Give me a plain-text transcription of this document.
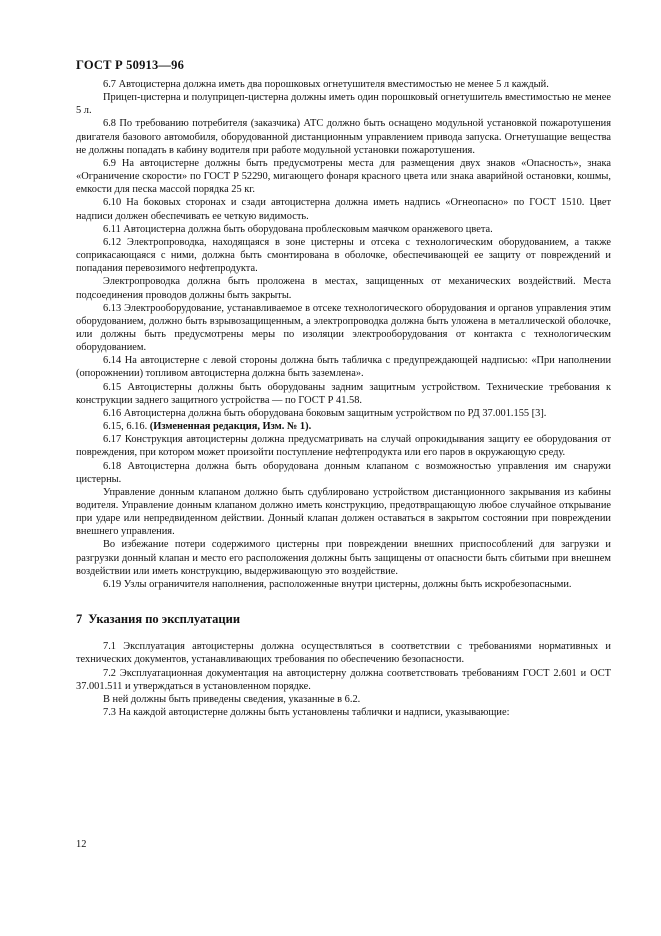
ГОСТ Р 50913—96

6.7 Автоцистерна должна иметь два порошковых огнетушителя вместимостью не менее 5 л каждый.

Прицеп-цистерна и полуприцеп-цистерна должны иметь один порошковый огнетушитель вместимостью не менее 5 л.

6.8 По требованию потребителя (заказчика) АТС должно быть оснащено модульной установкой пожаротушения двигателя базового автомобиля, оборудованной дистанционным управлением привода запуска. Огнетушащие вещества не должны попадать в кабину водителя при работе модульной установки пожаротушения.

6.9 На автоцистерне должны быть предусмотрены места для размещения двух знаков «Опасность», знака «Ограничение скорости» по ГОСТ Р 52290, мигающего фонаря красного цвета или знака аварийной остановки, кошмы, емкости для песка массой порядка 25 кг.

6.10 На боковых сторонах и сзади автоцистерна должна иметь надпись «Огнеопасно» по ГОСТ 1510. Цвет надписи должен обеспечивать ее четкую видимость.

6.11 Автоцистерна должна быть оборудована проблесковым маячком оранжевого цвета.

6.12 Электропроводка, находящаяся в зоне цистерны и отсека с технологическим оборудованием, а также соприкасающаяся с ними, должна быть смонтирована в оболочке, обеспечивающей ее защиту от повреждений и попадания перевозимого нефтепродукта.

Электропроводка должна быть проложена в местах, защищенных от механических воздействий. Места подсоединения проводов должны быть закрыты.

6.13 Электрооборудование, устанавливаемое в отсеке технологического оборудования и органов управления этим оборудованием, должно быть взрывозащищенным, а электропроводка должна быть уложена в металлической оболочке, или должны быть предусмотрены меры по изоляции электрооборудования от контакта с технологическим оборудованием.

6.14 На автоцистерне с левой стороны должна быть табличка с предупреждающей надписью: «При наполнении (опорожнении) топливом автоцистерна должна быть заземлена».

6.15 Автоцистерны должны быть оборудованы задним защитным устройством. Технические требования к конструкции заднего защитного устройства — по ГОСТ Р 41.58.

6.16 Автоцистерна должна быть оборудована боковым защитным устройством по РД 37.001.155 [3].

6.15, 6.16. (Измененная редакция, Изм. № 1).

6.17 Конструкция автоцистерны должна предусматривать на случай опрокидывания защиту ее оборудования от повреждения, при котором может произойти поступление нефтепродукта или его паров в окружающую среду.

6.18 Автоцистерна должна быть оборудована донным клапаном с возможностью управления им снаружи цистерны.

Управление донным клапаном должно быть сдублировано устройством дистанционного закрывания из кабины водителя. Управление донным клапаном должно иметь конструкцию, предотвращающую любое случайное открывание при ударе или непредвиденном действии. Донный клапан должен оставаться в закрытом состоянии при повреждении внешнего управления.

Во избежание потери содержимого цистерны при повреждении внешних приспособлений для загрузки и разгрузки донный клапан и место его расположения должны быть защищены от опасности быть сбитыми при внешнем воздействии или иметь конструкцию, выдерживающую это воздействие.

6.19 Узлы ограничителя наполнения, расположенные внутри цистерны, должны быть искробезопасными.

7 Указания по эксплуатации

7.1 Эксплуатация автоцистерны должна осуществляться в соответствии с требованиями нормативных и технических документов, устанавливающих требования по обеспечению безопасности.

7.2 Эксплуатационная документация на автоцистерну должна соответствовать требованиям ГОСТ 2.601 и ОСТ 37.001.511 и утверждаться в установленном порядке.

В ней должны быть приведены сведения, указанные в 6.2.

7.3 На каждой автоцистерне должны быть установлены таблички и надписи, указывающие:

12
